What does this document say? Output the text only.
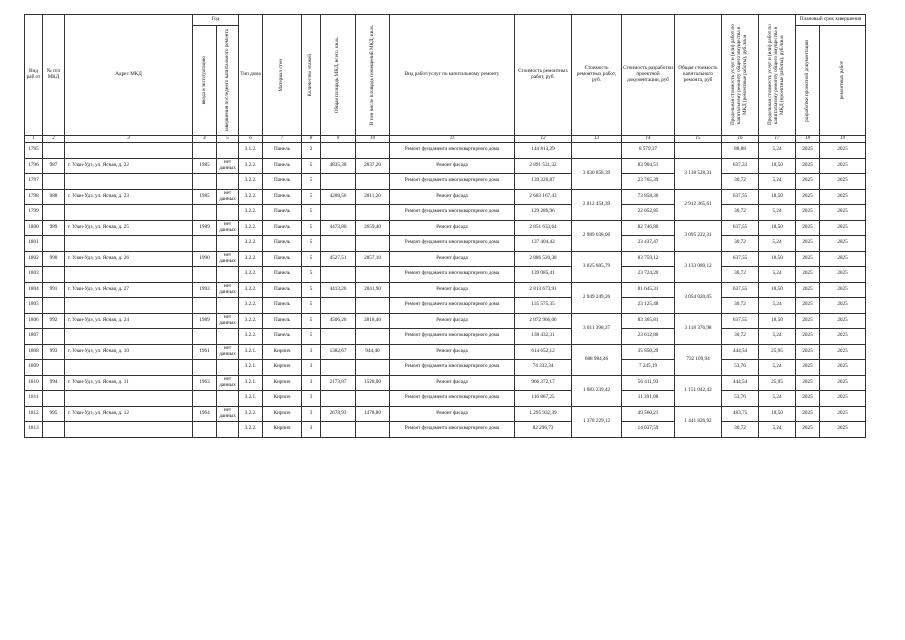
Вид раб от	№ п/п МКД	Адрес МКД	Год		Тип дома	Материал стен	Количество этажей	Общая площадь МКД, всего, кв.м.	В том числе площадь помещений МКД, кв.м.	Вид работ/услуг по капитальному ремонту	Стоимость ремонтных работ, руб.	Стоимость ремонтных работ, руб.	Стоимость разработки проектной документации, руб	Общая стоимость капитального ремонта, руб	Предельная стоимость услуг и (или) работ по капитальному ремонту общего имущества в МКД (ремонтные работы), руб./кв.м	Предельная стоимость услуг и (или) работ по капитальному ремонту общего имущества в МКД (проектные работы), руб./кв.м	Плановый срок завершения	

			ввода в эксплуатацию	завершения последнего капитального ремонта													разработки проектной документации	ремонтных работ

1	2	3	4	5	6	7	8	9	10	11	12	13	14	15	16	17	18	19
1795					3.1.2.	Панель	2			Ремонт фундамента многоквартирного дома	144 813,29		8 579,37		88,88	5,24	2025	2025
1796	987	г. Улан-Удэ, ул. Ясная, д. 22	1985	нет данных	3.2.2.	Панель	5	4835,38	2837,20	Ремонт фасада	2 891 531,32	3 030 858,39	83 904,51	3 138 528,31	637,33	18,50	2025	2025
1797					3.2.2.	Панель	5			Ремонт фундамента многоквартирного дома	139 326,87		23 765,39		30,72	5,24	2025	2025
1798	988	г. Улан-Удэ, ул. Ясная, д. 23	1985	нет данных	3.2.2.	Панель	5	4208,56	2811,20	Ремонт фасада	2 683 167,43	2 812 454,39	73 858,36	2 912 365,61	637,55	18,50	2025	2025
1799					3.2.2.	Панель	5			Ремонт фундамента многоквартирного дома	129 286,96		22 052,85		30,72	5,24	2025	2025
1800	989	г. Улан-Удэ, ул. Ясная, д. 25	1989	нет данных	3.2.2.	Панель	5	4473,80	2659,40	Ремонт фасада	2 851 633,64	2 989 038,06	82 746,80	3 095 222,31	637,55	18,50	2025	2025
1801					3.2.2.	Панель	5			Ремонт фундамента многоквартирного дома	137 404,42		23 437,47		30,72	5,24	2025	2025
1802	990	г. Улан-Удэ, ул. Ясная, д. 26	1990	нет данных	3.2.2.	Панель	5	4527,51	2857,10	Ремонт фасада	2 886 520,38	3 025 605,79	83 759,12	3 133 089,12	637,55	18,50	2025	2025
1803					3.2.2.	Панель	5			Ремонт фундамента многоквартирного дома	139 085,41		23 724,20		30,72	5,24	2025	2025
1804	991	г. Улан-Удэ, ул. Ясная, д. 27	1992	нет данных	3.2.2.	Панель	5	4413,26	2841,90	Ремонт фасада	2 813 673,91	2 949 249,26	81 645,31	3 054 020,05	637,55	18,50	2025	2025
1805					3.2.2.	Панель	5			Ремонт фундамента многоквартирного дома	135 575,35		23 125,48		30,72	5,24	2025	2025
1806	992	г. Улан-Удэ, ул. Ясная, д. 24	1989	нет данных	3.2.2.	Панель	5	4506,26	2818,40	Ремонт фасада	2 872 966,06	3 011 398,37	83 365,81	3 118 376,98	637,55	18,50	2025	2025
1807					3.2.2.	Панель	5			Ремонт фундамента многоквартирного дома	138 432,31		23 612,80		30,72	5,24	2025	2025
1808	993	г. Улан-Удэ, ул. Ясная, д. 10	1961	нет данных	3.2.1.	Кирпич	3	1382,67	944,40	Ремонт фасада	614 652,12	688 984,46	35 850,29	732 109,94	444,54	25,95	2025	2025
1809					3.2.1.	Кирпич	3			Ремонт фундамента многоквартирного дома	74 332,34		7 245,19		53,76	5,24	2025	2025
1810	994	г. Улан-Удэ, ул. Ясная, д. 11	1963	нет данных	3.2.1.	Кирпич	3	2173,87	1528,00	Ремонт фасада	966 372,17	1 083 239,42	56 411,93	1 151 042,43	444,54	25,95	2025	2025
1811					3.2.1.	Кирпич	3			Ремонт фундамента многоквартирного дома	116 867,25		11 391,08		53,76	5,24	2025	2025
1812	995	г. Улан-Удэ, ул. Ясная, д. 12	1964	нет данных	3.2.2.	Кирпич	3	2678,93	1478,80	Ремонт фасада	1 295 932,39	1 378 229,12	49 560,21	1 441 826,92	483,75	18,50	2025	2025
1813					3.2.2.	Кирпич	3			Ремонт фундамента многоквартирного дома	82 296,73		14 037,59		30,72	5,24	2025	2025
